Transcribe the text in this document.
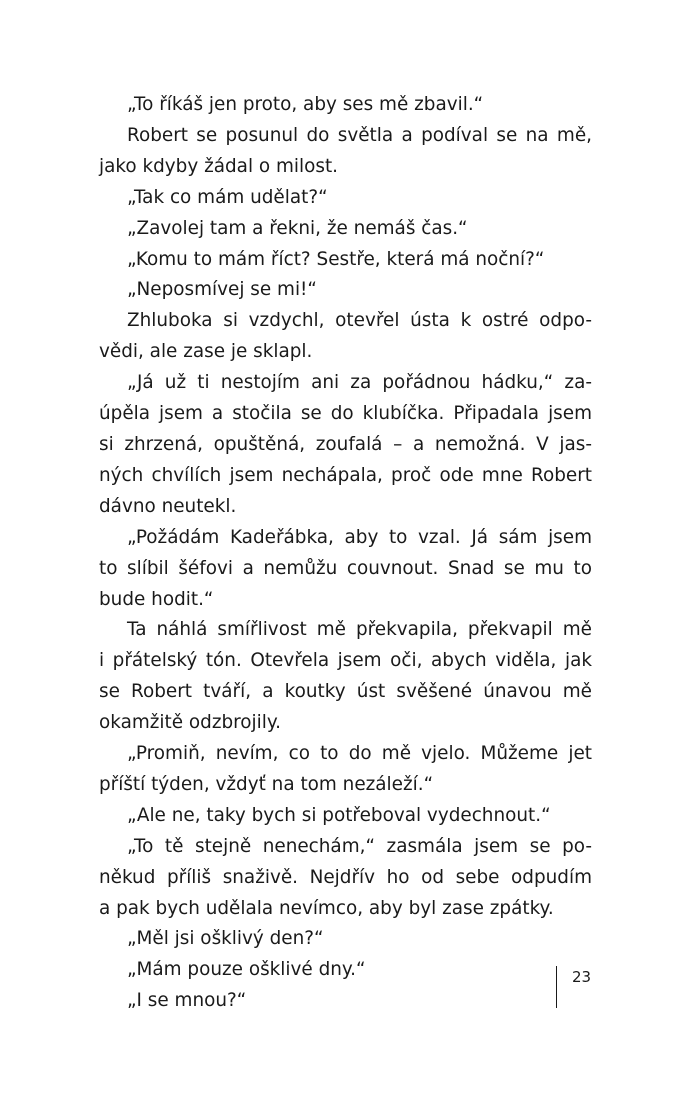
„To říkáš jen proto, aby ses mě zbavil.“

Robert se posunul do světla a podíval se na mě,
jako kdyby žádal o milost.

„Tak co mám udělat?“

„Zavolej tam a řekni, že nemáš čas.“

„Komu to mám říct? Sestře, která má noční?“

„Neposmívej se mi!“

Zhluboka si vzdychl, otevřel ústa k ostré odpo-
vědi, ale zase je sklapl.

„Já už ti nestojím ani za pořádnou hádku,“ za-
úpěla jsem a stočila se do klubíčka. Připadala jsem
si zhrzená, opuštěná, zoufalá – a nemožná. V jas-
ných chvílích jsem nechápala, proč ode mne Robert
dávno neutekl.

„Požádám Kadeřábka, aby to vzal. Já sám jsem
to slíbil šéfovi a nemůžu couvnout. Snad se mu to
bude hodit.“

Ta náhlá smířlivost mě překvapila, překvapil mě
i přátelský tón. Otevřela jsem oči, abych viděla, jak
se Robert tváří, a koutky úst svěšené únavou mě
okamžitě odzbrojily.

„Promiň, nevím, co to do mě vjelo. Můžeme jet
příští týden, vždyť na tom nezáleží.“

„Ale ne, taky bych si potřeboval vydechnout.“

„To tě stejně nenechám,“ zasmála jsem se po-
někud příliš snaživě. Nejdřív ho od sebe odpudím
a pak bych udělala nevímco, aby byl zase zpátky.

„Měl jsi ošklivý den?“

„Mám pouze ošklivé dny.“

„I se mnou?“

23
